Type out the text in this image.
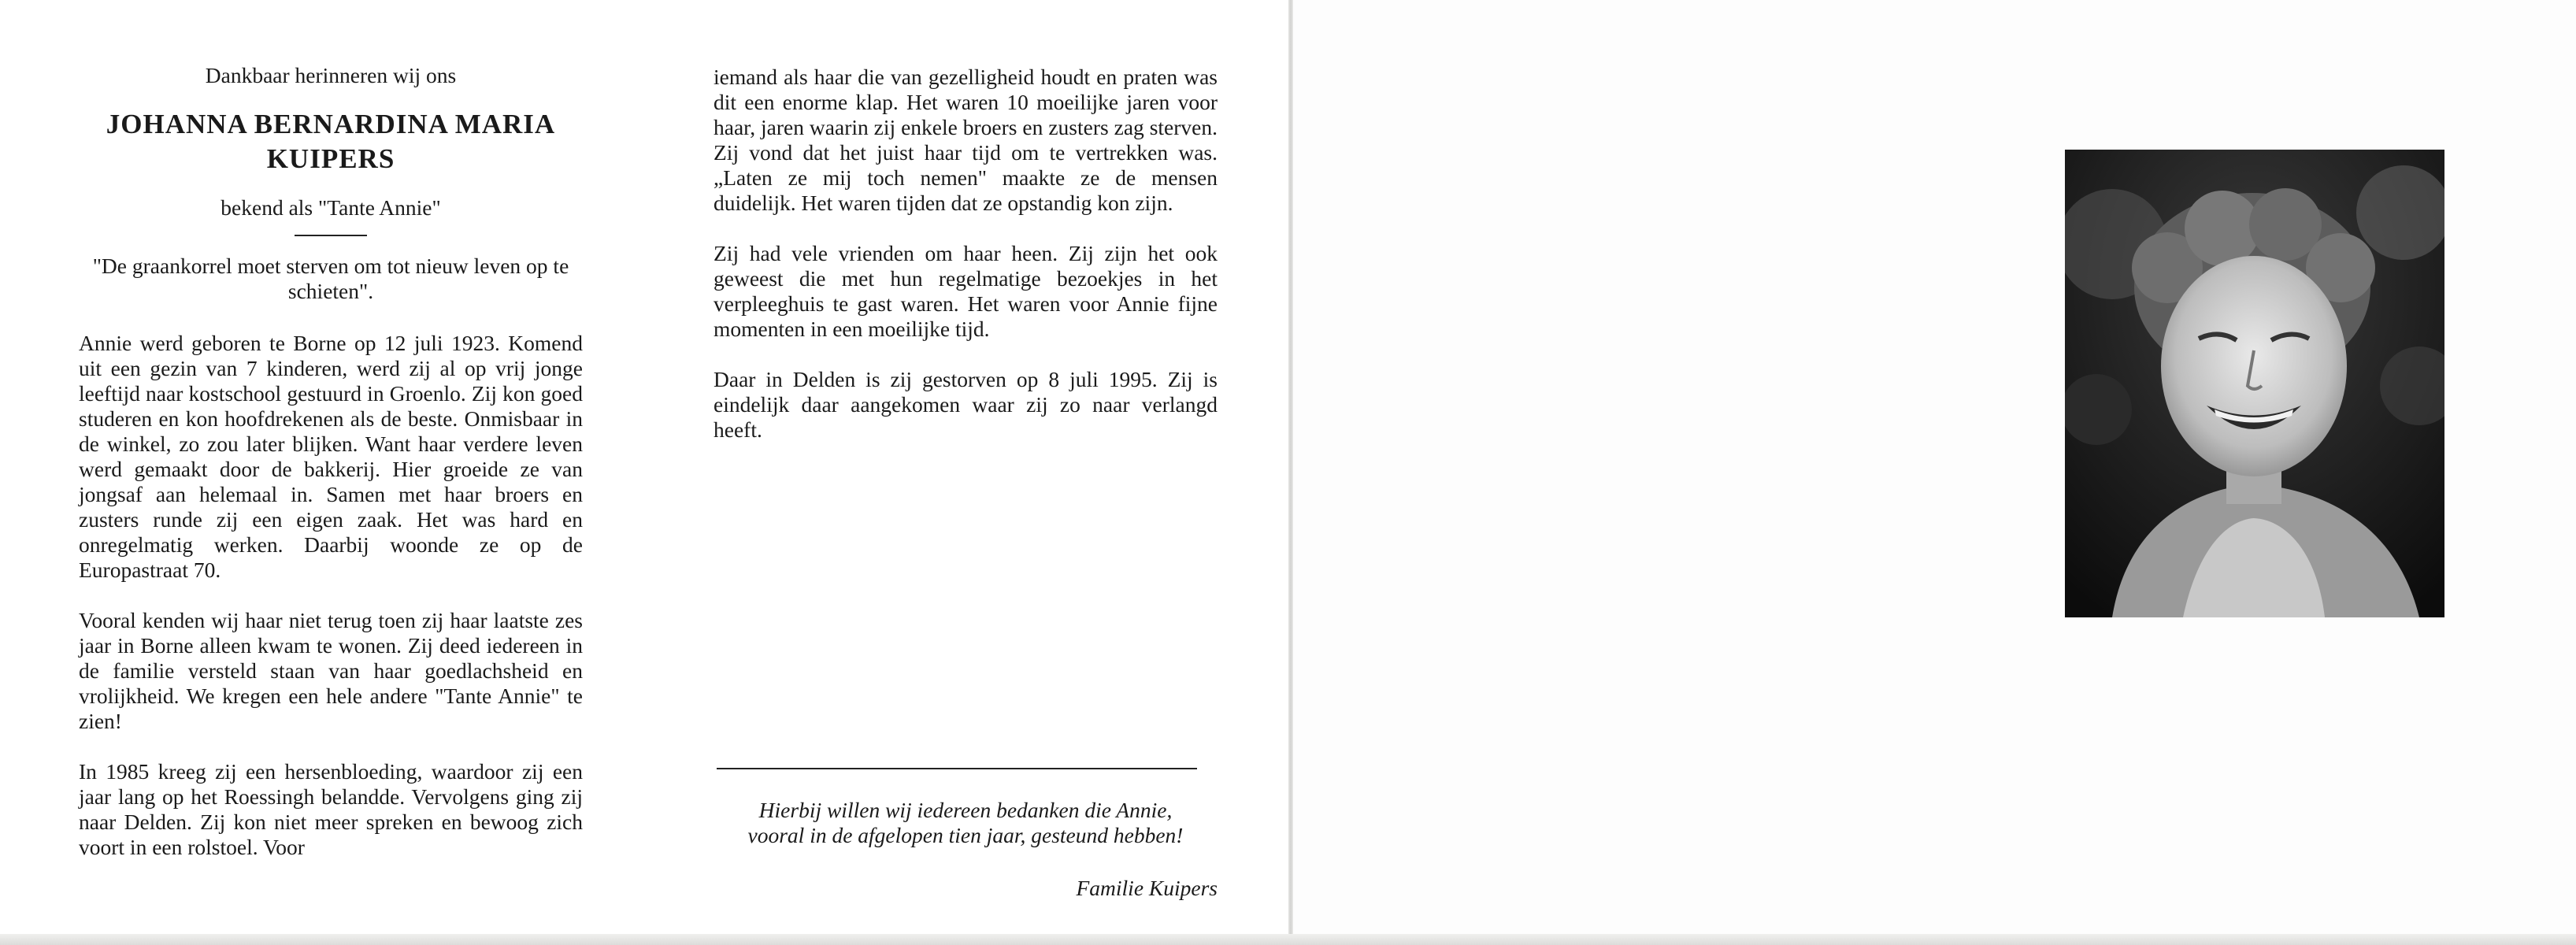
Dankbaar herinneren wij ons

JOHANNA BERNARDINA MARIA

KUIPERS

bekend als "Tante Annie"

"De graankorrel moet sterven om tot nieuw leven op te schieten".

Annie werd geboren te Borne op 12 juli 1923. Komend uit een gezin van 7 kinderen, werd zij al op vrij jonge leeftijd naar kostschool gestuurd in Groenlo. Zij kon goed studeren en kon hoofdrekenen als de beste. Onmisbaar in de winkel, zo zou later blijken. Want haar verdere leven werd gemaakt door de bakkerij. Hier groeide ze van jongsaf aan helemaal in. Samen met haar broers en zusters runde zij een eigen zaak. Het was hard en onregelmatig werken. Daarbij woonde ze op de Europastraat 70.

Vooral kenden wij haar niet terug toen zij haar laatste zes jaar in Borne alleen kwam te wonen. Zij deed iedereen in de familie versteld staan van haar goedlachsheid en vrolijkheid. We kregen een hele andere "Tante Annie" te zien!

In 1985 kreeg zij een hersenbloeding, waardoor zij een jaar lang op het Roessingh belandde. Vervolgens ging zij naar Delden. Zij kon niet meer spreken en bewoog zich voort in een rolstoel. Voor

iemand als haar die van gezelligheid houdt en praten was dit een enorme klap. Het waren 10 moeilijke jaren voor haar, jaren waarin zij enkele broers en zusters zag sterven. Zij vond dat het juist haar tijd om te vertrekken was. „Laten ze mij toch nemen" maakte ze de mensen duidelijk. Het waren tijden dat ze opstandig kon zijn.

Zij had vele vrienden om haar heen. Zij zijn het ook geweest die met hun regelmatige bezoekjes in het verpleeghuis te gast waren. Het waren voor Annie fijne momenten in een moeilijke tijd.

Daar in Delden is zij gestorven op 8 juli 1995. Zij is eindelijk daar aangekomen waar zij zo naar verlangd heeft.

Hierbij willen wij iedereen bedanken die Annie,
vooral in de afgelopen tien jaar, gesteund hebben!
Familie Kuipers
